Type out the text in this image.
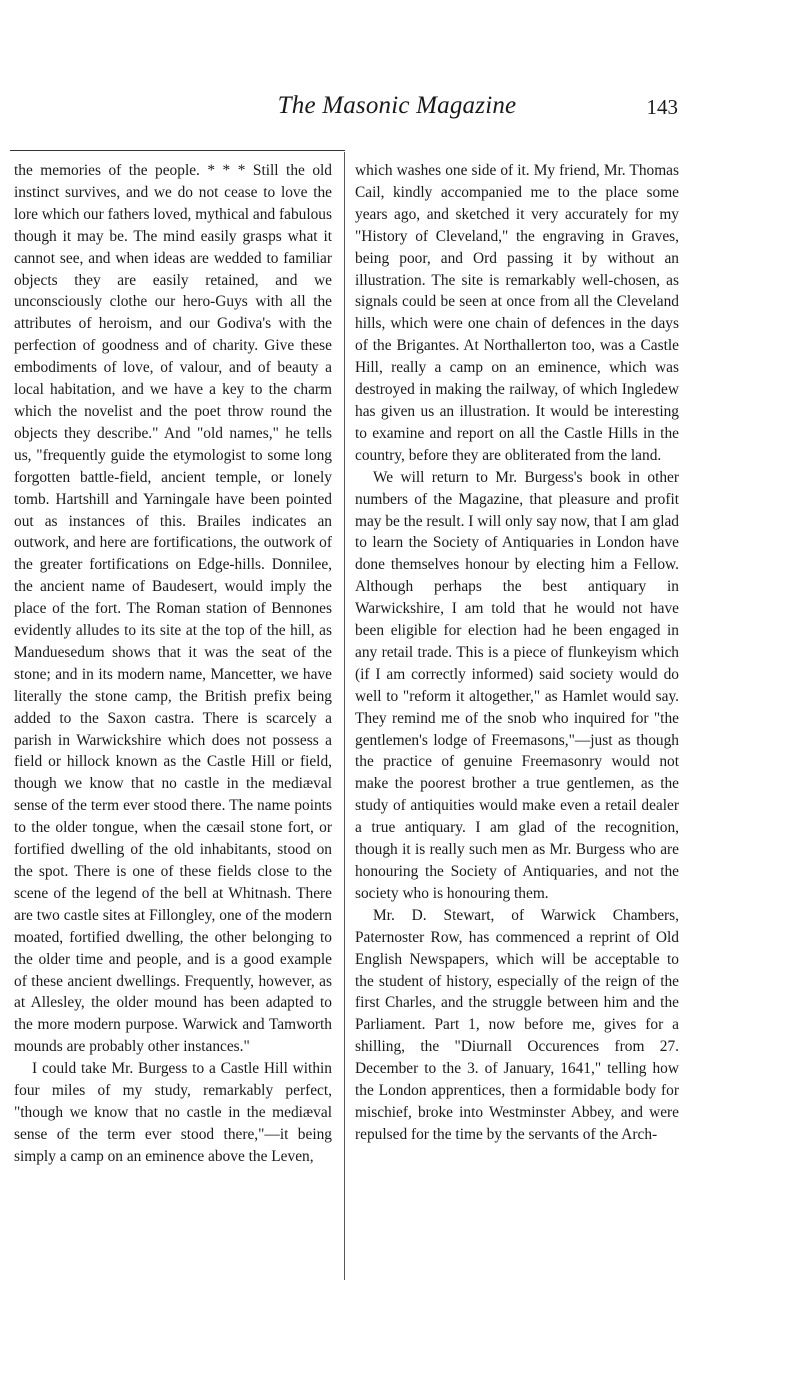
The Masonic Magazine	143

the memories of the people. * * * Still the old instinct survives, and we do not cease to love the lore which our fathers loved, mythical and fabulous though it may be. The mind easily grasps what it cannot see, and when ideas are wedded to familiar objects they are easily retained, and we unconsciously clothe our hero-Guys with all the attributes of heroism, and our Godiva's with the perfection of goodness and of charity. Give these embodiments of love, of valour, and of beauty a local habitation, and we have a key to the charm which the novelist and the poet throw round the objects they describe." And "old names," he tells us, "frequently guide the etymologist to some long forgotten battle-field, ancient temple, or lonely tomb. Hartshill and Yarningale have been pointed out as instances of this. Brailes indicates an outwork, and here are fortifications, the outwork of the greater fortifications on Edge-hills. Donnilee, the ancient name of Baudesert, would imply the place of the fort. The Roman station of Bennones evidently alludes to its site at the top of the hill, as Manduesedum shows that it was the seat of the stone; and in its modern name, Mancetter, we have literally the stone camp, the British prefix being added to the Saxon castra. There is scarcely a parish in Warwickshire which does not possess a field or hillock known as the Castle Hill or field, though we know that no castle in the mediæval sense of the term ever stood there. The name points to the older tongue, when the cæsail stone fort, or fortified dwelling of the old inhabitants, stood on the spot. There is one of these fields close to the scene of the legend of the bell at Whitnash. There are two castle sites at Fillongley, one of the modern moated, fortified dwelling, the other belonging to the older time and people, and is a good example of these ancient dwellings. Frequently, however, as at Allesley, the older mound has been adapted to the more modern purpose. Warwick and Tamworth mounds are probably other instances."

I could take Mr. Burgess to a Castle Hill within four miles of my study, remarkably perfect, "though we know that no castle in the mediæval sense of the term ever stood there,"—it being simply a camp on an eminence above the Leven,

which washes one side of it. My friend, Mr. Thomas Cail, kindly accompanied me to the place some years ago, and sketched it very accurately for my "History of Cleveland," the engraving in Graves, being poor, and Ord passing it by without an illustration. The site is remarkably well-chosen, as signals could be seen at once from all the Cleveland hills, which were one chain of defences in the days of the Brigantes. At Northallerton too, was a Castle Hill, really a camp on an eminence, which was destroyed in making the railway, of which Ingledew has given us an illustration. It would be interesting to examine and report on all the Castle Hills in the country, before they are obliterated from the land.

We will return to Mr. Burgess's book in other numbers of the Magazine, that pleasure and profit may be the result. I will only say now, that I am glad to learn the Society of Antiquaries in London have done themselves honour by electing him a Fellow. Although perhaps the best antiquary in Warwickshire, I am told that he would not have been eligible for election had he been engaged in any retail trade. This is a piece of flunkeyism which (if I am correctly informed) said society would do well to "reform it altogether," as Hamlet would say. They remind me of the snob who inquired for "the gentlemen's lodge of Freemasons,"—just as though the practice of genuine Freemasonry would not make the poorest brother a true gentlemen, as the study of antiquities would make even a retail dealer a true antiquary. I am glad of the recognition, though it is really such men as Mr. Burgess who are honouring the Society of Antiquaries, and not the society who is honouring them.

Mr. D. Stewart, of Warwick Chambers, Paternoster Row, has commenced a reprint of Old English Newspapers, which will be acceptable to the student of history, especially of the reign of the first Charles, and the struggle between him and the Parliament. Part 1, now before me, gives for a shilling, the "Diurnall Occurences from 27. December to the 3. of January, 1641," telling how the London apprentices, then a formidable body for mischief, broke into Westminster Abbey, and were repulsed for the time by the servants of the Arch-
